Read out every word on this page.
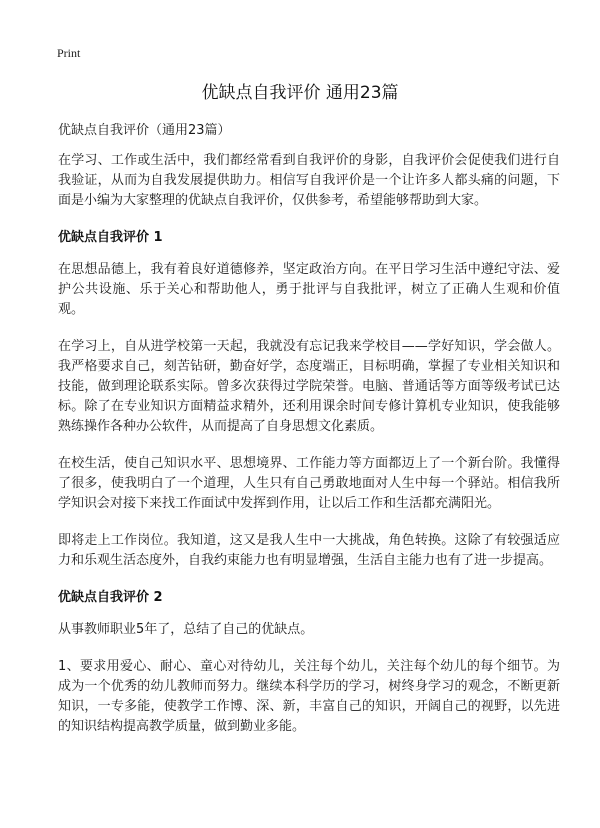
Print
优缺点自我评价 通用23篇
优缺点自我评价（通用23篇）

在学习、工作或生活中，我们都经常看到自我评价的身影，自我评价会促使我们进行自我验证，从而为自我发展提供助力。相信写自我评价是一个让许多人都头痛的问题，下面是小编为大家整理的优缺点自我评价，仅供参考，希望能够帮助到大家。

优缺点自我评价 1

在思想品德上，我有着良好道德修养，坚定政治方向。在平日学习生活中遵纪守法、爱护公共设施、乐于关心和帮助他人，勇于批评与自我批评，树立了正确人生观和价值观。

在学习上，自从进学校第一天起，我就没有忘记我来学校目——学好知识，学会做人。我严格要求自己，刻苦钻研，勤奋好学，态度端正，目标明确，掌握了专业相关知识和技能，做到理论联系实际。曾多次获得过学院荣誉。电脑、普通话等方面等级考试已达标。除了在专业知识方面精益求精外，还利用课余时间专修计算机专业知识，使我能够熟练操作各种办公软件，从而提高了自身思想文化素质。

在校生活，使自己知识水平、思想境界、工作能力等方面都迈上了一个新台阶。我懂得了很多，使我明白了一个道理，人生只有自己勇敢地面对人生中每一个驿站。相信我所学知识会对接下来找工作面试中发挥到作用，让以后工作和生活都充满阳光。

即将走上工作岗位。我知道，这又是我人生中一大挑战，角色转换。这除了有较强适应力和乐观生活态度外，自我约束能力也有明显增强，生活自主能力也有了进一步提高。

优缺点自我评价 2

从事教师职业5年了，总结了自己的优缺点。

1、要求用爱心、耐心、童心对待幼儿，关注每个幼儿，关注每个幼儿的每个细节。为成为一个优秀的幼儿教师而努力。继续本科学历的学习，树终身学习的观念，不断更新知识，一专多能，使教学工作博、深、新，丰富自己的知识，开阔自己的视野，以先进的知识结构提高教学质量，做到勤业多能。
